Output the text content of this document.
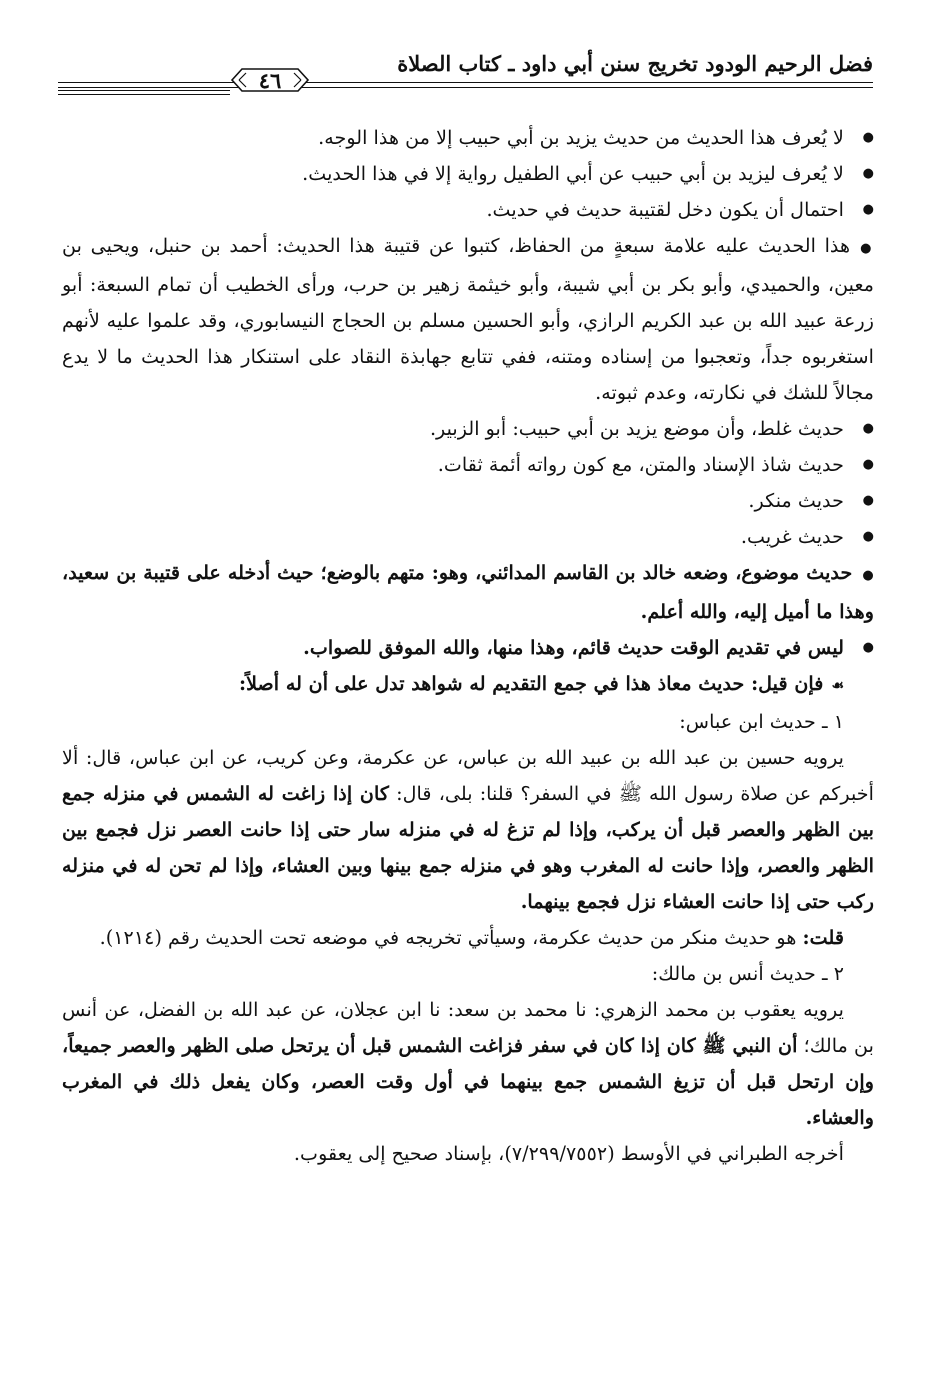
فضل الرحيم الودود تخريج سنن أبي داود ـ كتاب الصلاة
٤٦

● لا يُعرف هذا الحديث من حديث يزيد بن أبي حبيب إلا من هذا الوجه.

● لا يُعرف ليزيد بن أبي حبيب عن أبي الطفيل رواية إلا في هذا الحديث.

● احتمال أن يكون دخل لقتيبة حديث في حديث.

●هذا الحديث عليه علامة سبعةٍ من الحفاظ، كتبوا عن قتيبة هذا الحديث: أحمد بن حنبل، ويحيى بن معين، والحميدي، وأبو بكر بن أبي شيبة، وأبو خيثمة زهير بن حرب، ورأى الخطيب أن تمام السبعة: أبو زرعة عبيد الله بن عبد الكريم الرازي، وأبو الحسين مسلم بن الحجاج النيسابوري، وقد علموا عليه لأنهم استغربوه جداً، وتعجبوا من إسناده ومتنه، ففي تتابع جهابذة النقاد على استنكار هذا الحديث ما لا يدع مجالاً للشك في نكارته، وعدم ثبوته.

● حديث غلط، وأن موضع يزيد بن أبي حبيب: أبو الزبير.

● حديث شاذ الإسناد والمتن، مع كون رواته أئمة ثقات.

● حديث منكر.

● حديث غريب.

●حديث موضوع، وضعه خالد بن القاسم المدائني، وهو: متهم بالوضع؛ حيث أدخله على قتيبة بن سعيد، وهذا ما أميل إليه، والله أعلم.

● ليس في تقديم الوقت حديث قائم، وهذا منها، والله الموفق للصواب.

☙فإن قيل: حديث معاذ هذا في جمع التقديم له شواهد تدل على أن له أصلاً:

١ ـ حديث ابن عباس:

يرويه حسين بن عبد الله بن عبيد الله بن عباس، عن عكرمة، وعن كريب، عن ابن عباس، قال: ألا أخبركم عن صلاة رسول الله ﷺ في السفر؟ قلنا: بلى، قال: كان إذا زاغت له الشمس في منزله جمع بين الظهر والعصر قبل أن يركب، وإذا لم تزغ له في منزله سار حتى إذا حانت العصر نزل فجمع بين الظهر والعصر، وإذا حانت له المغرب وهو في منزله جمع بينها وبين العشاء، وإذا لم تحن له في منزله ركب حتى إذا حانت العشاء نزل فجمع بينهما.

قلت: هو حديث منكر من حديث عكرمة، وسيأتي تخريجه في موضعه تحت الحديث رقم (١٢١٤).

٢ ـ حديث أنس بن مالك:

يرويه يعقوب بن محمد الزهري: نا محمد بن سعد: نا ابن عجلان، عن عبد الله بن الفضل، عن أنس بن مالك؛ أن النبي ﷺ كان إذا كان في سفر فزاغت الشمس قبل أن يرتحل صلى الظهر والعصر جميعاً، وإن ارتحل قبل أن تزيغ الشمس جمع بينهما في أول وقت العصر، وكان يفعل ذلك في المغرب والعشاء.

أخرجه الطبراني في الأوسط (٧/٢٩٩/٧٥٥٢)، بإسناد صحيح إلى يعقوب.
